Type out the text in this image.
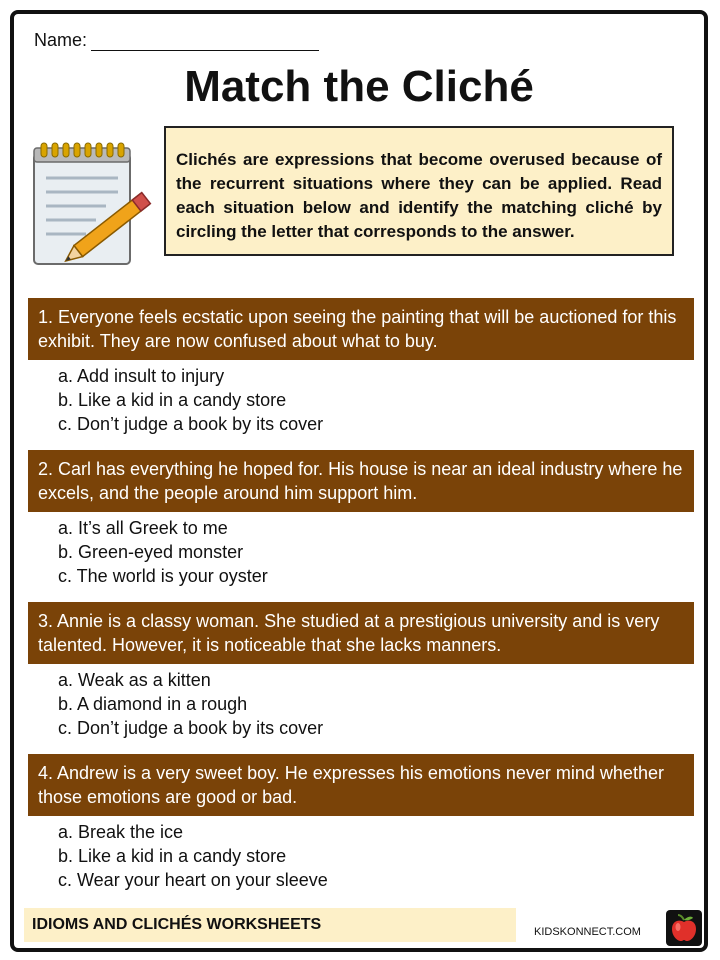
Name:
Match the Cliché
Clichés are expressions that become overused because of the recurrent situations where they can be applied. Read each situation below and identify the matching cliché by circling the letter that corresponds to the answer.
1. Everyone feels ecstatic upon seeing the painting that will be auctioned for this exhibit. They are now confused about what to buy.
a. Add insult to injury
b. Like a kid in a candy store
c. Don’t judge a book by its cover
2. Carl has everything he hoped for. His house is near an ideal industry where he excels, and the people around him support him.
a. It’s all Greek to me
b. Green-eyed monster
c. The world is your oyster
3. Annie is a classy woman. She studied at a prestigious university and is very talented. However, it is noticeable that she lacks manners.
a. Weak as a kitten
b. A diamond in a rough
c. Don’t judge a book by its cover
4. Andrew is a very sweet boy. He expresses his emotions never mind whether those emotions are good or bad.
a. Break the ice
b. Like a kid in a candy store
c. Wear your heart on your sleeve
IDIOMS AND CLICHÉS WORKSHEETS	KIDSKONNECT.COM
